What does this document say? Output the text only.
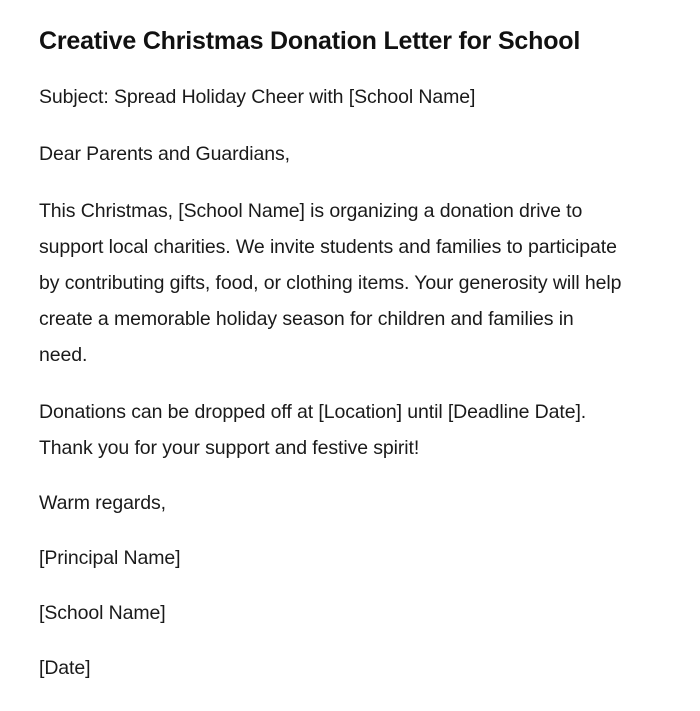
Creative Christmas Donation Letter for School

Subject: Spread Holiday Cheer with [School Name]

Dear Parents and Guardians,

This Christmas, [School Name] is organizing a donation drive to support local charities. We invite students and families to participate by contributing gifts, food, or clothing items. Your generosity will help create a memorable holiday season for children and families in need.

Donations can be dropped off at [Location] until [Deadline Date]. Thank you for your support and festive spirit!

Warm regards,

[Principal Name]

[School Name]

[Date]
